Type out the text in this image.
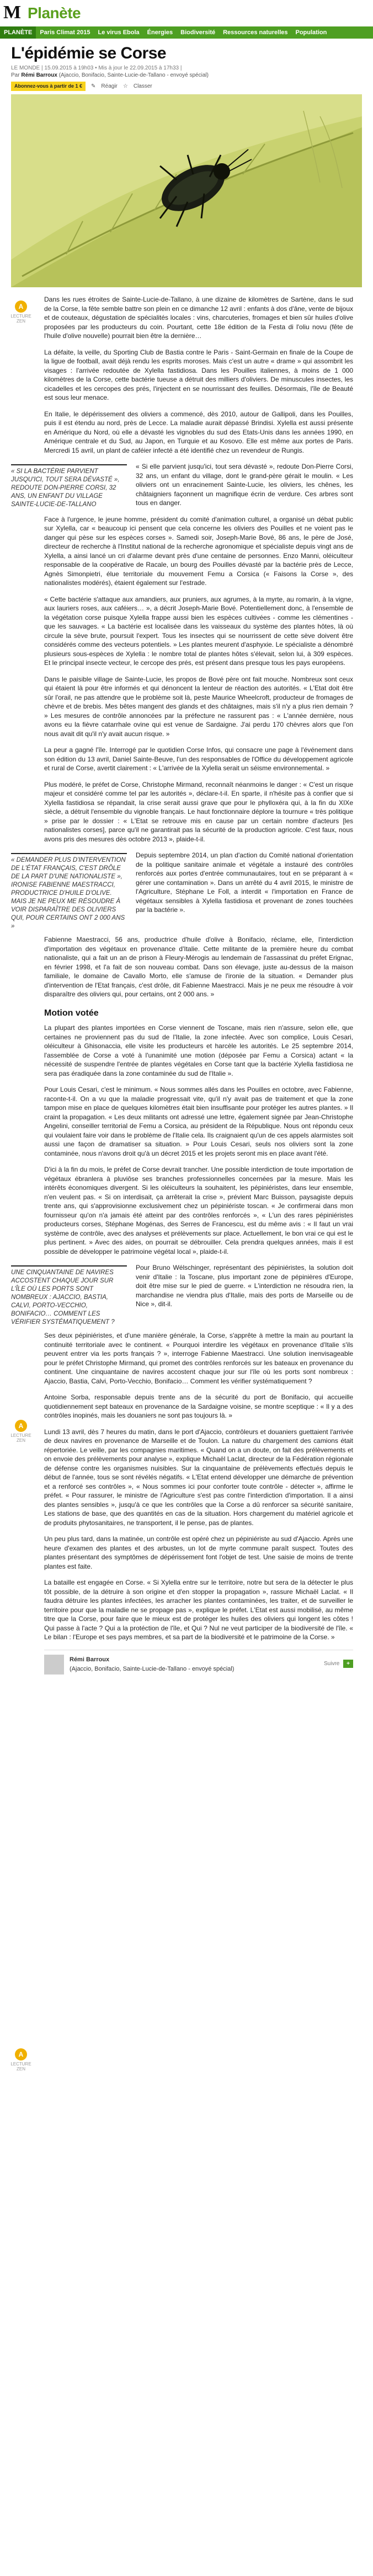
M Planète
PLANÈTE	Paris Climat 2015	Le virus Ebola	Énergies	Biodiversité	Ressources naturelles	Population
L'épidémie se Corse
LE MONDE | 15.09.2015 à 19h03 • Mis à jour le 22.09.2015 à 17h33 |
Par Rémi Barroux (Ajaccio, Bonifacio, Sainte-Lucie-de-Tallano - envoyé spécial)
Abonnez-vous à partir de 1 €	✎ Réagir ☆ Classer
A
LECTURE ZEN
A
LECTURE ZEN
A
LECTURE ZEN

Dans les rues étroites de Sainte-Lucie-de-Tallano, à une dizaine de kilomètres de Sartène, dans le sud de la Corse, la fête semble battre son plein en ce dimanche 12 avril : enfants à dos d'âne, vente de bijoux et de couteaux, dégustation de spécialités locales : vins, charcuteries, fromages et bien sûr huiles d'olive proposées par les producteurs du coin. Pourtant, cette 18e édition de la Festa di l'oliu novu (fête de l'huile d'olive nouvelle) pourrait bien être la dernière…

La défaite, la veille, du Sporting Club de Bastia contre le Paris - Saint-Germain en finale de la Coupe de la ligue de football, avait déjà rendu les esprits moroses. Mais c'est un autre « drame » qui assombrit les visages : l'arrivée redoutée de Xylella fastidiosa. Dans les Pouilles italiennes, à moins de 1 000 kilomètres de la Corse, cette bactérie tueuse a détruit des milliers d'oliviers. De minuscules insectes, les cicadelles et les cercopes des prés, l'injectent en se nourrissant des feuilles. Désormais, l'île de Beauté est sous leur menace.

En Italie, le dépérissement des oliviers a commencé, dès 2010, autour de Gallipoli, dans les Pouilles, puis il est étendu au nord, près de Lecce. La maladie aurait dépassé Brindisi. Xylella est aussi présente en Amérique du Nord, où elle a dévasté les vignobles du sud des Etats-Unis dans les années 1990, en Amérique centrale et du Sud, au Japon, en Turquie et au Kosovo. Elle est même aux portes de Paris. Mercredi 15 avril, un plant de caféier infecté a été identifié chez un revendeur de Rungis.

« SI LA BACTÉRIE PARVIENT JUSQU'ICI, TOUT SERA DÉVASTÉ », REDOUTE DON-PIERRE CORSI, 32 ANS, UN ENFANT DU VILLAGE SAINTE-LUCIE-DE-TALLANO

« Si elle parvient jusqu'ici, tout sera dévasté », redoute Don-Pierre Corsi, 32 ans, un enfant du village, dont le grand-père gérait le moulin. « Les oliviers ont un enracinement Sainte-Lucie, les oliviers, les chênes, les châtaigniers façonnent un magnifique écrin de verdure. Ces arbres sont tous en danger.

Face à l'urgence, le jeune homme, président du comité d'animation culturel, a organisé un débat public sur Xylella, car « beaucoup ici pensent que cela concerne les oliviers des Pouilles et ne voient pas le danger qui pèse sur les espèces corses ». Samedi soir, Joseph-Marie Bové, 86 ans, le père de José, directeur de recherche à l'Institut national de la recherche agronomique et spécialiste depuis vingt ans de Xylella, a ainsi lancé un cri d'alarme devant près d'une centaine de personnes. Enzo Manni, oléiculteur responsable de la coopérative de Racale, un bourg des Pouilles dévasté par la bactérie près de Lecce, Agnès Simonpietri, élue territoriale du mouvement Femu a Corsica (« Faisons la Corse », des nationalistes modérés), étaient également sur l'estrade.

« Cette bactérie s'attaque aux amandiers, aux pruniers, aux agrumes, à la myrte, au romarin, à la vigne, aux lauriers roses, aux caféiers… », a décrit Joseph-Marie Bové. Potentiellement donc, à l'ensemble de la végétation corse puisque Xylella frappe aussi bien les espèces cultivées - comme les clémentines - que les sauvages. « La bactérie est localisée dans les vaisseaux du système des plantes hôtes, là où circule la sève brute, poursuit l'expert. Tous les insectes qui se nourrissent de cette sève doivent être considérés comme des vecteurs potentiels. » Les plantes meurent d'asphyxie. Le spécialiste a dénombré plusieurs sous-espèces de Xylella : le nombre total de plantes hôtes s'élevait, selon lui, à 309 espèces. Et le principal insecte vecteur, le cercope des prés, est présent dans presque tous les pays européens.

Dans le paisible village de Sainte-Lucie, les propos de Bové père ont fait mouche. Nombreux sont ceux qui étaient là pour être informés et qui dénoncent la lenteur de réaction des autorités. « L'Etat doit être sûr l'orail, ne pas attendre que le problème soit là, peste Maurice Wheelcroft, producteur de fromages de chèvre et de brebis. Mes bêtes mangent des glands et des châtaignes, mais s'il n'y a plus rien demain ? » Les mesures de contrôle annoncées par la préfecture ne rassurent pas : « L'année dernière, nous avons eu la fièvre catarrhale ovine qui est venue de Sardaigne. J'ai perdu 170 chèvres alors que l'on nous avait dit qu'il n'y avait aucun risque. »

La peur a gagné l'île. Interrogé par le quotidien Corse Infos, qui consacre une page à l'événement dans son édition du 13 avril, Daniel Sainte-Beuve, l'un des responsables de l'Office du développement agricole et rural de Corse, avertit clairement : « L'arrivée de la Xylella serait un séisme environnemental. »

Plus modéré, le préfet de Corse, Christophe Mirmand, reconnaît néanmoins le danger : « C'est un risque majeur et considéré comme tel par les autorités », déclare-t-il. En sparte, il n'hésite pas à confier que si Xylella fastidiosa se répandait, la crise serait aussi grave que pour le phylloxéra qui, à la fin du XIXe siècle, a détruit l'ensemble du vignoble français. Le haut fonctionnaire déplore la tournure « très politique » prise par le dossier : « L'Etat se retrouve mis en cause par un certain nombre d'acteurs [les nationalistes corses], parce qu'il ne garantirait pas la sécurité de la production agricole. C'est faux, nous avons pris des mesures dès octobre 2013 », plaide-t-il.

« DEMANDER PLUS D'INTERVENTION DE L'ÉTAT FRANÇAIS, C'EST DRÔLE DE LA PART D'UNE NATIONALISTE », IRONISE FABIENNE MAESTRACCI, PRODUCTRICE D'HUILE D'OLIVE. MAIS JE NE PEUX ME RÉSOUDRE À VOIR DISPARAÎTRE DES OLIVIERS QUI, POUR CERTAINS ONT 2 000 ANS »

Depuis septembre 2014, un plan d'action du Comité national d'orientation de la politique sanitaire animale et végétale a instauré des contrôles renforcés aux portes d'entrée communautaires, tout en se préparant à « gérer une contamination ». Dans un arrêté du 4 avril 2015, le ministre de l'Agriculture, Stéphane Le Foll, a interdit « l'importation en France de végétaux sensibles à Xylella fastidiosa et provenant de zones touchées par la bactérie ».

Fabienne Maestracci, 56 ans, productrice d'huile d'olive à Bonifacio, réclame, elle, l'interdiction d'importation des végétaux en provenance d'Italie. Cette militante de la première heure du combat nationaliste, qui a fait un an de prison à Fleury-Mérogis au lendemain de l'assassinat du préfet Erignac, en février 1998, et l'a fait de son nouveau combat. Dans son élevage, juste au-dessus de la maison familiale, le domaine de Cavallo Morto, elle s'amuse de l'ironie de la situation. « Demander plus d'intervention de l'Etat français, c'est drôle, dit Fabienne Maestracci. Mais je ne peux me résoudre à voir disparaître des oliviers qui, pour certains, ont 2 000 ans. »

Motion votée

La plupart des plantes importées en Corse viennent de Toscane, mais rien n'assure, selon elle, que certaines ne proviennent pas du sud de l'Italie, la zone infectée. Avec son complice, Louis Cesari, oléiculteur à Ghisonaccia, elle visite les producteurs et harcèle les autorités. Le 25 septembre 2014, l'assemblée de Corse a voté à l'unanimité une motion (déposée par Femu a Corsica) actant « la nécessité de suspendre l'entrée de plantes végétales en Corse tant que la bactérie Xylella fastidiosa ne sera pas éradiquée dans la zone contaminée du sud de l'Italie ».

Pour Louis Cesari, c'est le minimum. « Nous sommes allés dans les Pouilles en octobre, avec Fabienne, raconte-t-il. On a vu que la maladie progressait vite, qu'il n'y avait pas de traitement et que la zone tampon mise en place de quelques kilomètres était bien insuffisante pour protéger les autres plantes. » Il craint la propagation. « Les deux militants ont adressé une lettre, également signée par Jean-Christophe Angelini, conseiller territorial de Femu a Corsica, au président de la République. Nous ont répondu ceux qui voulaient faire voir dans le problème de l'Italie cela. Ils craignaient qu'un de ces appels alarmistes soit aussi une façon de dramatiser sa situation. » Pour Louis Cesari, seuls nos oliviers sont la zone contaminée, nous n'avons droit qu'à un décret 2015 et les projets seront mis en place avant l'été.

D'ici à la fin du mois, le préfet de Corse devrait trancher. Une possible interdiction de toute importation de végétaux ébranlera à pluviôse ses branches professionnelles concernées par la mesure. Mais les intérêts économiques divergent. Si les oléiculteurs la souhaitent, les pépiniéristes, dans leur ensemble, n'en veulent pas. « Si on interdisait, ça arrêterait la crise », prévient Marc Buisson, paysagiste depuis trente ans, qui s'approvisionne exclusivement chez un pépiniériste toscan. « Je confirmerai dans mon fournisseur qu'on n'a jamais été atteint par des contrôles renforcés », « L'un des rares pépiniéristes producteurs corses, Stéphane Mogénas, des Serres de Francescu, est du même avis : « Il faut un vrai système de contrôle, avec des analyses et prélèvements sur place. Actuellement, le bon vrai ce qui est le plus pertinent. » Avec des aides, on pourrait se débrouiller. Cela prendra quelques années, mais il est possible de développer le patrimoine végétal local », plaide-t-il.

UNE CINQUANTAINE DE NAVIRES ACCOSTENT CHAQUE JOUR SUR L'ÎLE OÙ LES PORTS SONT NOMBREUX : AJACCIO, BASTIA, CALVI, PORTO-VECCHIO, BONIFACIO… COMMENT LES VÉRIFIER SYSTÉMATIQUEMENT ?

Pour Bruno Wélschinger, représentant des pépiniéristes, la solution doit venir d'Italie : la Toscane, plus important zone de pépinières d'Europe, doit être mise sur le pied de guerre. « L'interdiction ne résoudra rien, la marchandise ne viendra plus d'Italie, mais des ports de Marseille ou de Nice », dit-il.

Ses deux pépiniéristes, et d'une manière générale, la Corse, s'apprête à mettre la main au pourtant la continuité territoriale avec le continent. « Pourquoi interdire les végétaux en provenance d'Italie s'ils peuvent entrer via les ports français ? », interroge Fabienne Maestracci. Une solution inenvisageable pour le préfet Christophe Mirmand, qui promet des contrôles renforcés sur les bateaux en provenance du continent. Une cinquantaine de navires accostent chaque jour sur l'île où les ports sont nombreux : Ajaccio, Bastia, Calvi, Porto-Vecchio, Bonifacio… Comment les vérifier systématiquement ?

Antoine Sorba, responsable depuis trente ans de la sécurité du port de Bonifacio, qui accueille quotidiennement sept bateaux en provenance de la Sardaigne voisine, se montre sceptique : « Il y a des contrôles inopinés, mais les douaniers ne sont pas toujours là. »

Lundi 13 avril, dès 7 heures du matin, dans le port d'Ajaccio, contrôleurs et douaniers guettaient l'arrivée de deux navires en provenance de Marseille et de Toulon. La nature du chargement des camions était répertoriée. Le veille, par les compagnies maritimes. « Quand on a un doute, on fait des prélèvements et on envoie des prélèvements pour analyse », explique Michaël Laclat, directeur de la Fédération régionale de défense contre les organismes nuisibles. Sur la cinquantaine de prélèvements effectués depuis le début de l'année, tous se sont révélés négatifs. « L'Etat entend développer une démarche de prévention et a renforcé ses contrôles », « Nous sommes ici pour conforter toute contrôle - détecter », affirme le préfet. « Pour rassurer, le ministre de l'Agriculture s'est pas contre l'interdiction d'importation. Il a ainsi des plantes sensibles », jusqu'à ce que les contrôles que la Corse a dû renforcer sa sécurité sanitaire, Les stations de base, que des quantités en cas de la situation. Hors chargement du matériel agricole et de produits phytosanitaires, ne transportent, il le pense, pas de plantes.

Un peu plus tard, dans la matinée, un contrôle est opéré chez un pépiniériste au sud d'Ajaccio. Après une heure d'examen des plantes et des arbustes, un lot de myrte commune paraît suspect. Toutes des plantes présentant des symptômes de dépérissement font l'objet de test. Une saisie de moins de trente plantes est faite.

La bataille est engagée en Corse. « Si Xylella entre sur le territoire, notre but sera de la détecter le plus tôt possible, de la détruire à son origine et d'en stopper la propagation », rassure Michaël Laclat. « Il faudra détruire les plantes infectées, les arracher les plantes contaminées, les traiter, et de surveiller le territoire pour que la maladie ne se propage pas », explique le préfet. L'Etat est aussi mobilisé, au même titre que la Corse, pour faire que le mieux est de protéger les huiles des oliviers qui longent les côtes ! Qui passe à l'acte ? Qui a la protéction de l'île, et Qui ? Nul ne veut participer de la biodiversité de l'île. « Le bilan : l'Europe et ses pays membres, et sa part de la biodiversité et le patrimoine de la Corse. »

Rémi Barroux
(Ajaccio, Bonifacio, Sainte-Lucie-de-Tallano - envoyé spécial)
Suivre +
